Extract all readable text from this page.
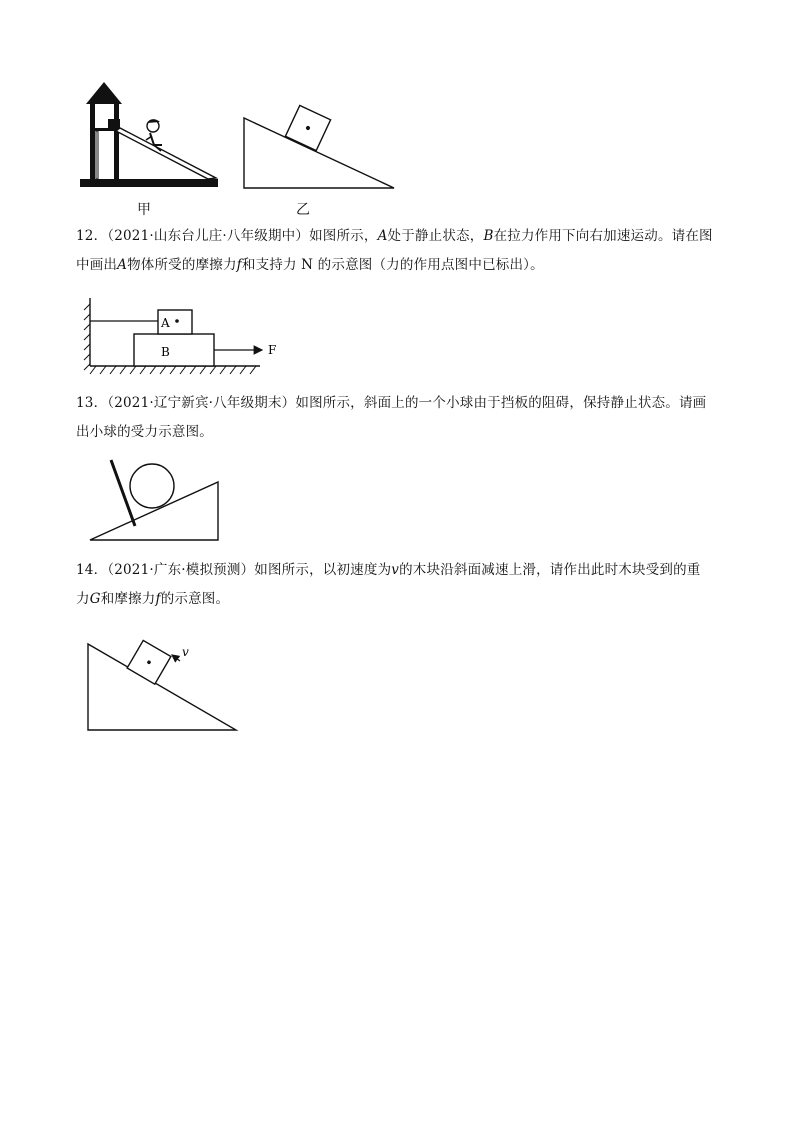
甲	乙
12．（2021·山东台儿庄·八年级期中）如图所示，A处于静止状态，B在拉力作用下向右加速运动。请在图
中画出A物体所受的摩擦力f和支持力 N 的示意图（力的作用点图中已标出）。
A
B	F
13．（2021·辽宁新宾·八年级期末）如图所示，斜面上的一个小球由于挡板的阻碍，保持静止状态。请画
出小球的受力示意图。
14．（2021·广东·模拟预测）如图所示，以初速度为v的木块沿斜面减速上滑，请作出此时木块受到的重
力G和摩擦力f的示意图。
v
